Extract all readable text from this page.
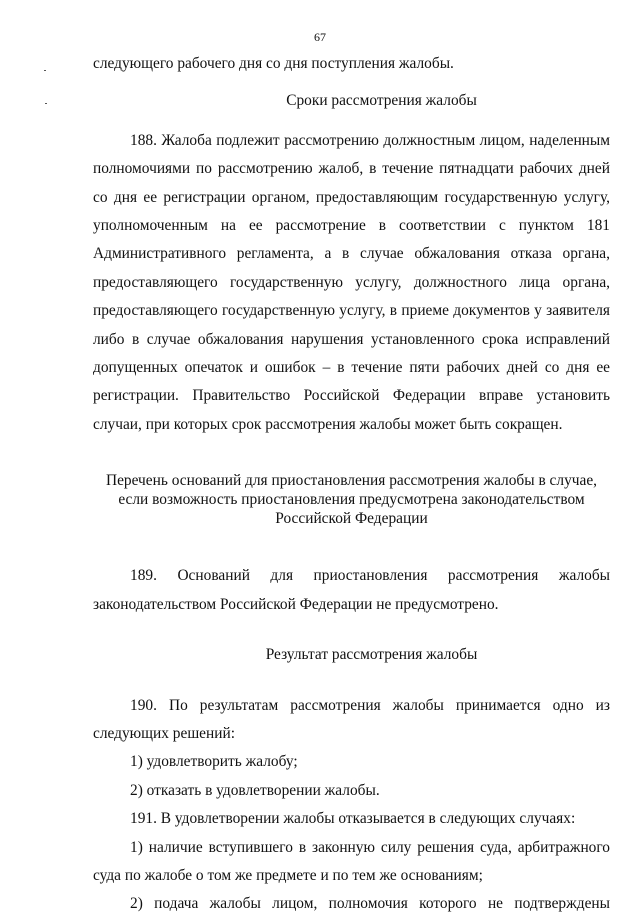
67

следующего рабочего дня со дня поступления жалобы.

Сроки рассмотрения жалобы

188. Жалоба подлежит рассмотрению должностным лицом, наделенным полномочиями по рассмотрению жалоб, в течение пятнадцати рабочих дней со дня ее регистрации органом, предоставляющим государственную услугу, уполномоченным на ее рассмотрение в соответствии с пунктом 181 Административного регламента, а в случае обжалования отказа органа, предоставляющего государственную услугу, должностного лица органа, предоставляющего государственную услугу, в приеме документов у заявителя либо в случае обжалования нарушения установленного срока исправлений допущенных опечаток и ошибок – в течение пяти рабочих дней со дня ее регистрации. Правительство Российской Федерации вправе установить случаи, при которых срок рассмотрения жалобы может быть сокращен.

Перечень оснований для приостановления рассмотрения жалобы в случае, если возможность приостановления предусмотрена законодательством Российской Федерации

189. Оснований для приостановления рассмотрения жалобы законодательством Российской Федерации не предусмотрено.

Результат рассмотрения жалобы

190. По результатам рассмотрения жалобы принимается одно из следующих решений:

1) удовлетворить жалобу;

2) отказать в удовлетворении жалобы.

191. В удовлетворении жалобы отказывается в следующих случаях:

1) наличие вступившего в законную силу решения суда, арбитражного суда по жалобе о том же предмете и по тем же основаниям;

2) подача жалобы лицом, полномочия которого не подтверждены
